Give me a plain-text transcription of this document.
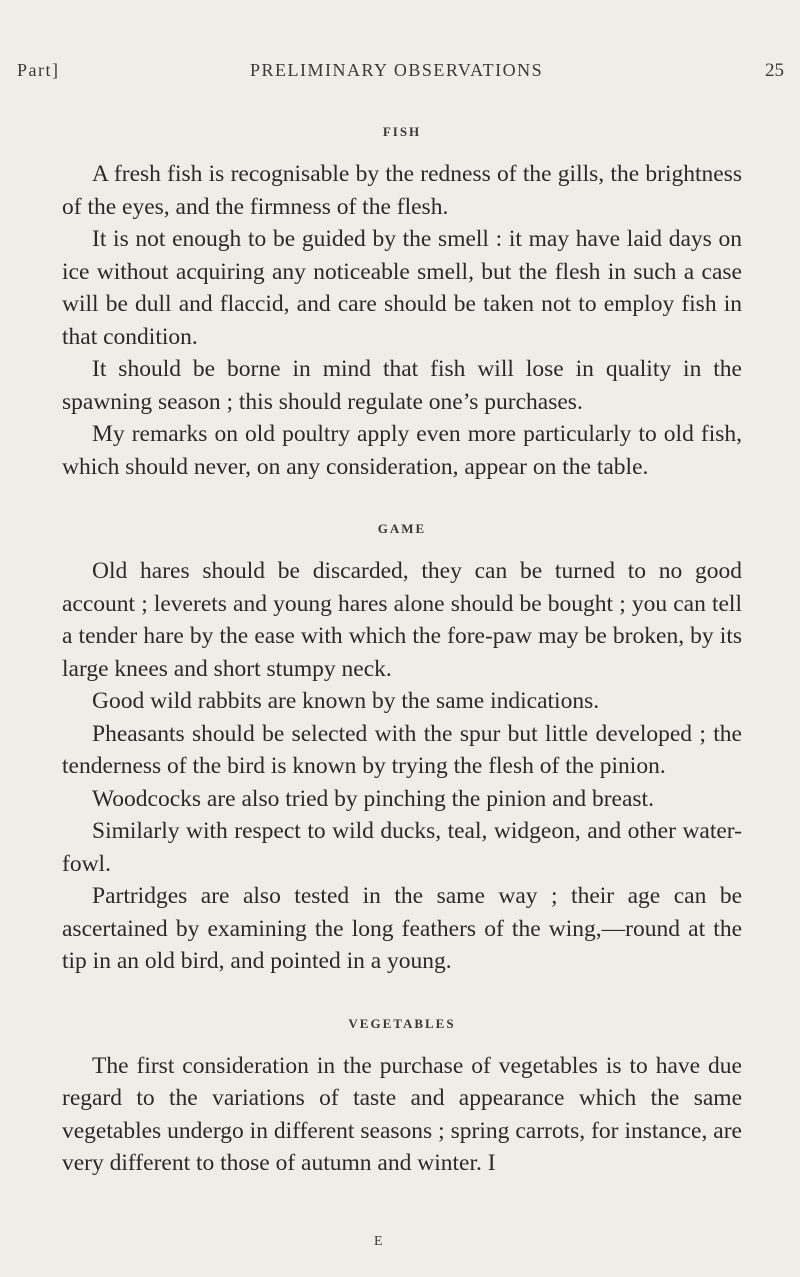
Part]	PRELIMINARY OBSERVATIONS	25
FISH

A fresh fish is recognisable by the redness of the gills, the brightness of the eyes, and the firmness of the flesh.

It is not enough to be guided by the smell : it may have laid days on ice without acquiring any noticeable smell, but the flesh in such a case will be dull and flaccid, and care should be taken not to employ fish in that condition.

It should be borne in mind that fish will lose in quality in the spawning season ; this should regulate one’s purchases.

My remarks on old poultry apply even more particularly to old fish, which should never, on any consideration, appear on the table.

GAME

Old hares should be discarded, they can be turned to no good account ; leverets and young hares alone should be bought ; you can tell a tender hare by the ease with which the fore-paw may be broken, by its large knees and short stumpy neck.

Good wild rabbits are known by the same indications.

Pheasants should be selected with the spur but little developed ; the tenderness of the bird is known by trying the flesh of the pinion.

Woodcocks are also tried by pinching the pinion and breast.

Similarly with respect to wild ducks, teal, widgeon, and other water-fowl.

Partridges are also tested in the same way ; their age can be ascertained by examining the long feathers of the wing,—round at the tip in an old bird, and pointed in a young.

VEGETABLES

The first consideration in the purchase of vegetables is to have due regard to the variations of taste and appearance which the same vegetables undergo in different seasons ; spring carrots, for instance, are very different to those of autumn and winter. I

E
